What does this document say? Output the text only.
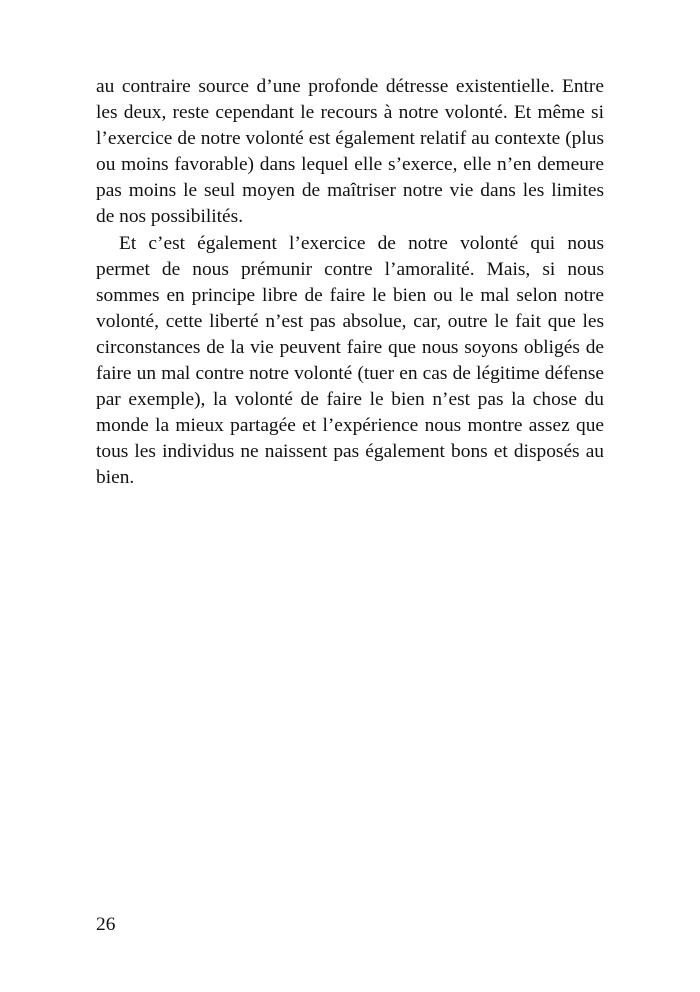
au contraire source d’une profonde détresse existentielle. Entre les deux, reste cependant le recours à notre volonté. Et même si l’exercice de notre volonté est également relatif au contexte (plus ou moins favorable) dans lequel elle s’exerce, elle n’en demeure pas moins le seul moyen de maîtriser notre vie dans les limites de nos possibilités.

Et c’est également l’exercice de notre volonté qui nous permet de nous prémunir contre l’amoralité. Mais, si nous sommes en principe libre de faire le bien ou le mal selon notre volonté, cette liberté n’est pas absolue, car, outre le fait que les circonstances de la vie peuvent faire que nous soyons obligés de faire un mal contre notre volonté (tuer en cas de légitime défense par exemple), la volonté de faire le bien n’est pas la chose du monde la mieux partagée et l’expérience nous montre assez que tous les individus ne naissent pas également bons et disposés au bien.

26
